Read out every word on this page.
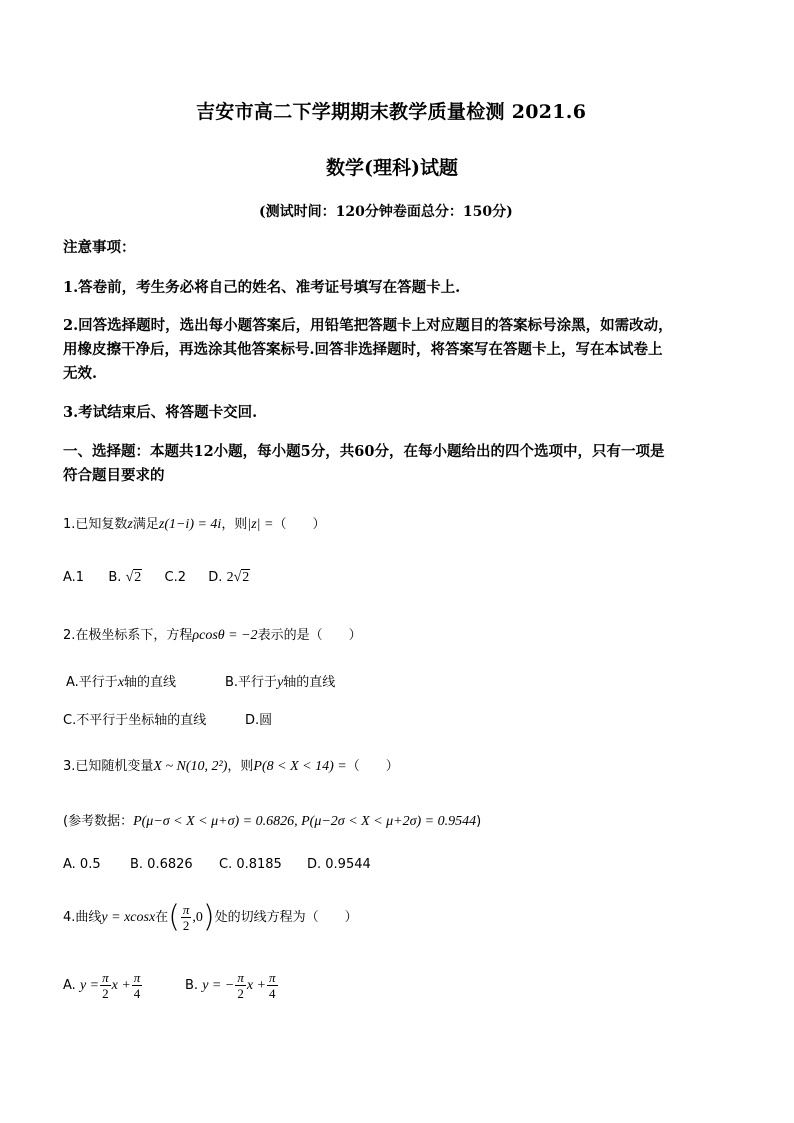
吉安市高二下学期期末教学质量检测 2021.6
数学(理科)试题
(测试时间：120分钟卷面总分：150分)
注意事项：
1.答卷前，考生务必将自己的姓名、准考证号填写在答题卡上.
2.回答选择题时，选出每小题答案后，用铅笔把答题卡上对应题目的答案标号涂黑，如需改动，
用橡皮擦干净后，再选涂其他答案标号.回答非选择题时，将答案写在答题卡上，写在本试卷上
无效.
3.考试结束后、将答题卡交回.
一、选择题：本题共12小题，每小题5分，共60分，在每小题给出的四个选项中，只有一项是
符合题目要求的
1.已知复数z满足z(1−i) = 4i，则|z| =（　　）
A.1 B. √ 2 C.2 D. 2 √ 2
2.在极坐标系下，方程ρcosθ = −2表示的是（　　）
A.平行于x轴的直线	B.平行于y轴的直线
C.不平行于坐标轴的直线	D.圆
3.已知随机变量X ~ N(10, 2²)，则P(8 < X < 14) =（　　）
(参考数据：P(μ−σ < X < μ+σ) = 0.6826, P(μ−2σ < X < μ+2σ) = 0.9544)
A. 0.5 B. 0.6826 C. 0.8185 D. 0.9544
4.曲线y = xcosx在( $\frac{\pi}{2} ,0$)处的切线方程为（　　）
A. $y = \frac{\pi}{2}$ $x + \frac{\pi}{4}$	B. y = − $\frac{\pi}{2}$ $x + \frac{\pi}{4}$
